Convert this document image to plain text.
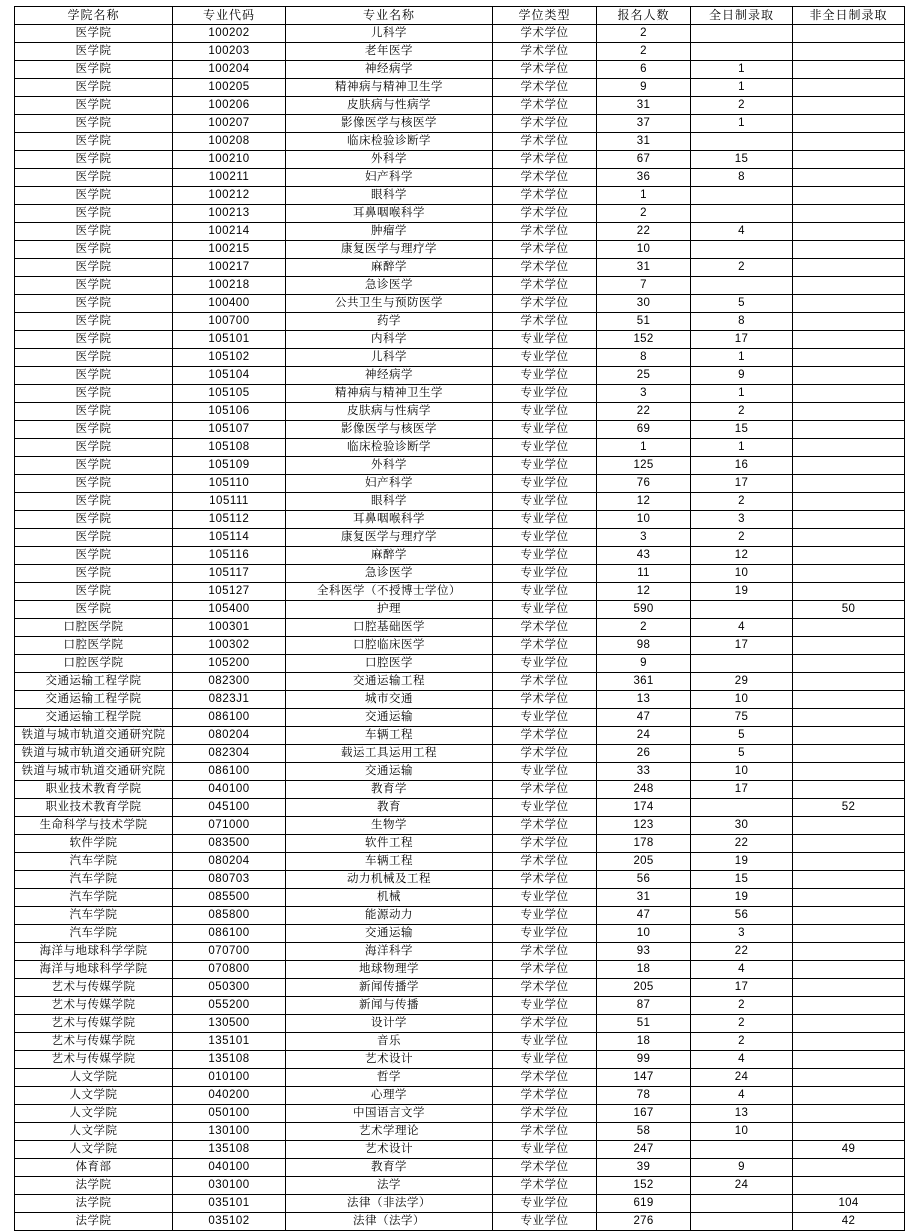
学院名称	专业代码	专业名称	学位类型	报名人数	全日制录取	非全日制录取
医学院	100202	儿科学	学术学位	2		
医学院	100203	老年医学	学术学位	2		
医学院	100204	神经病学	学术学位	6	1	
医学院	100205	精神病与精神卫生学	学术学位	9	1	
医学院	100206	皮肤病与性病学	学术学位	31	2	
医学院	100207	影像医学与核医学	学术学位	37	1	
医学院	100208	临床检验诊断学	学术学位	31		
医学院	100210	外科学	学术学位	67	15	
医学院	100211	妇产科学	学术学位	36	8	
医学院	100212	眼科学	学术学位	1		
医学院	100213	耳鼻咽喉科学	学术学位	2		
医学院	100214	肿瘤学	学术学位	22	4	
医学院	100215	康复医学与理疗学	学术学位	10		
医学院	100217	麻醉学	学术学位	31	2	
医学院	100218	急诊医学	学术学位	7		
医学院	100400	公共卫生与预防医学	学术学位	30	5	
医学院	100700	药学	学术学位	51	8	
医学院	105101	内科学	专业学位	152	17	
医学院	105102	儿科学	专业学位	8	1	
医学院	105104	神经病学	专业学位	25	9	
医学院	105105	精神病与精神卫生学	专业学位	3	1	
医学院	105106	皮肤病与性病学	专业学位	22	2	
医学院	105107	影像医学与核医学	专业学位	69	15	
医学院	105108	临床检验诊断学	专业学位	1	1	
医学院	105109	外科学	专业学位	125	16	
医学院	105110	妇产科学	专业学位	76	17	
医学院	105111	眼科学	专业学位	12	2	
医学院	105112	耳鼻咽喉科学	专业学位	10	3	
医学院	105114	康复医学与理疗学	专业学位	3	2	
医学院	105116	麻醉学	专业学位	43	12	
医学院	105117	急诊医学	专业学位	11	10	
医学院	105127	全科医学（不授博士学位）	专业学位	12	19	
医学院	105400	护理	专业学位	590		50
口腔医学院	100301	口腔基础医学	学术学位	2	4	
口腔医学院	100302	口腔临床医学	学术学位	98	17	
口腔医学院	105200	口腔医学	专业学位	9		
交通运输工程学院	082300	交通运输工程	学术学位	361	29	
交通运输工程学院	0823J1	城市交通	学术学位	13	10	
交通运输工程学院	086100	交通运输	专业学位	47	75	
铁道与城市轨道交通研究院	080204	车辆工程	学术学位	24	5	
铁道与城市轨道交通研究院	082304	载运工具运用工程	学术学位	26	5	
铁道与城市轨道交通研究院	086100	交通运输	专业学位	33	10	
职业技术教育学院	040100	教育学	学术学位	248	17	
职业技术教育学院	045100	教育	专业学位	174		52
生命科学与技术学院	071000	生物学	学术学位	123	30	
软件学院	083500	软件工程	学术学位	178	22	
汽车学院	080204	车辆工程	学术学位	205	19	
汽车学院	080703	动力机械及工程	学术学位	56	15	
汽车学院	085500	机械	专业学位	31	19	
汽车学院	085800	能源动力	专业学位	47	56	
汽车学院	086100	交通运输	专业学位	10	3	
海洋与地球科学学院	070700	海洋科学	学术学位	93	22	
海洋与地球科学学院	070800	地球物理学	学术学位	18	4	
艺术与传媒学院	050300	新闻传播学	学术学位	205	17	
艺术与传媒学院	055200	新闻与传播	专业学位	87	2	
艺术与传媒学院	130500	设计学	学术学位	51	2	
艺术与传媒学院	135101	音乐	专业学位	18	2	
艺术与传媒学院	135108	艺术设计	专业学位	99	4	
人文学院	010100	哲学	学术学位	147	24	
人文学院	040200	心理学	学术学位	78	4	
人文学院	050100	中国语言文学	学术学位	167	13	
人文学院	130100	艺术学理论	学术学位	58	10	
人文学院	135108	艺术设计	专业学位	247		49
体育部	040100	教育学	学术学位	39	9	
法学院	030100	法学	学术学位	152	24	
法学院	035101	法律（非法学）	专业学位	619		104
法学院	035102	法律（法学）	专业学位	276		42
